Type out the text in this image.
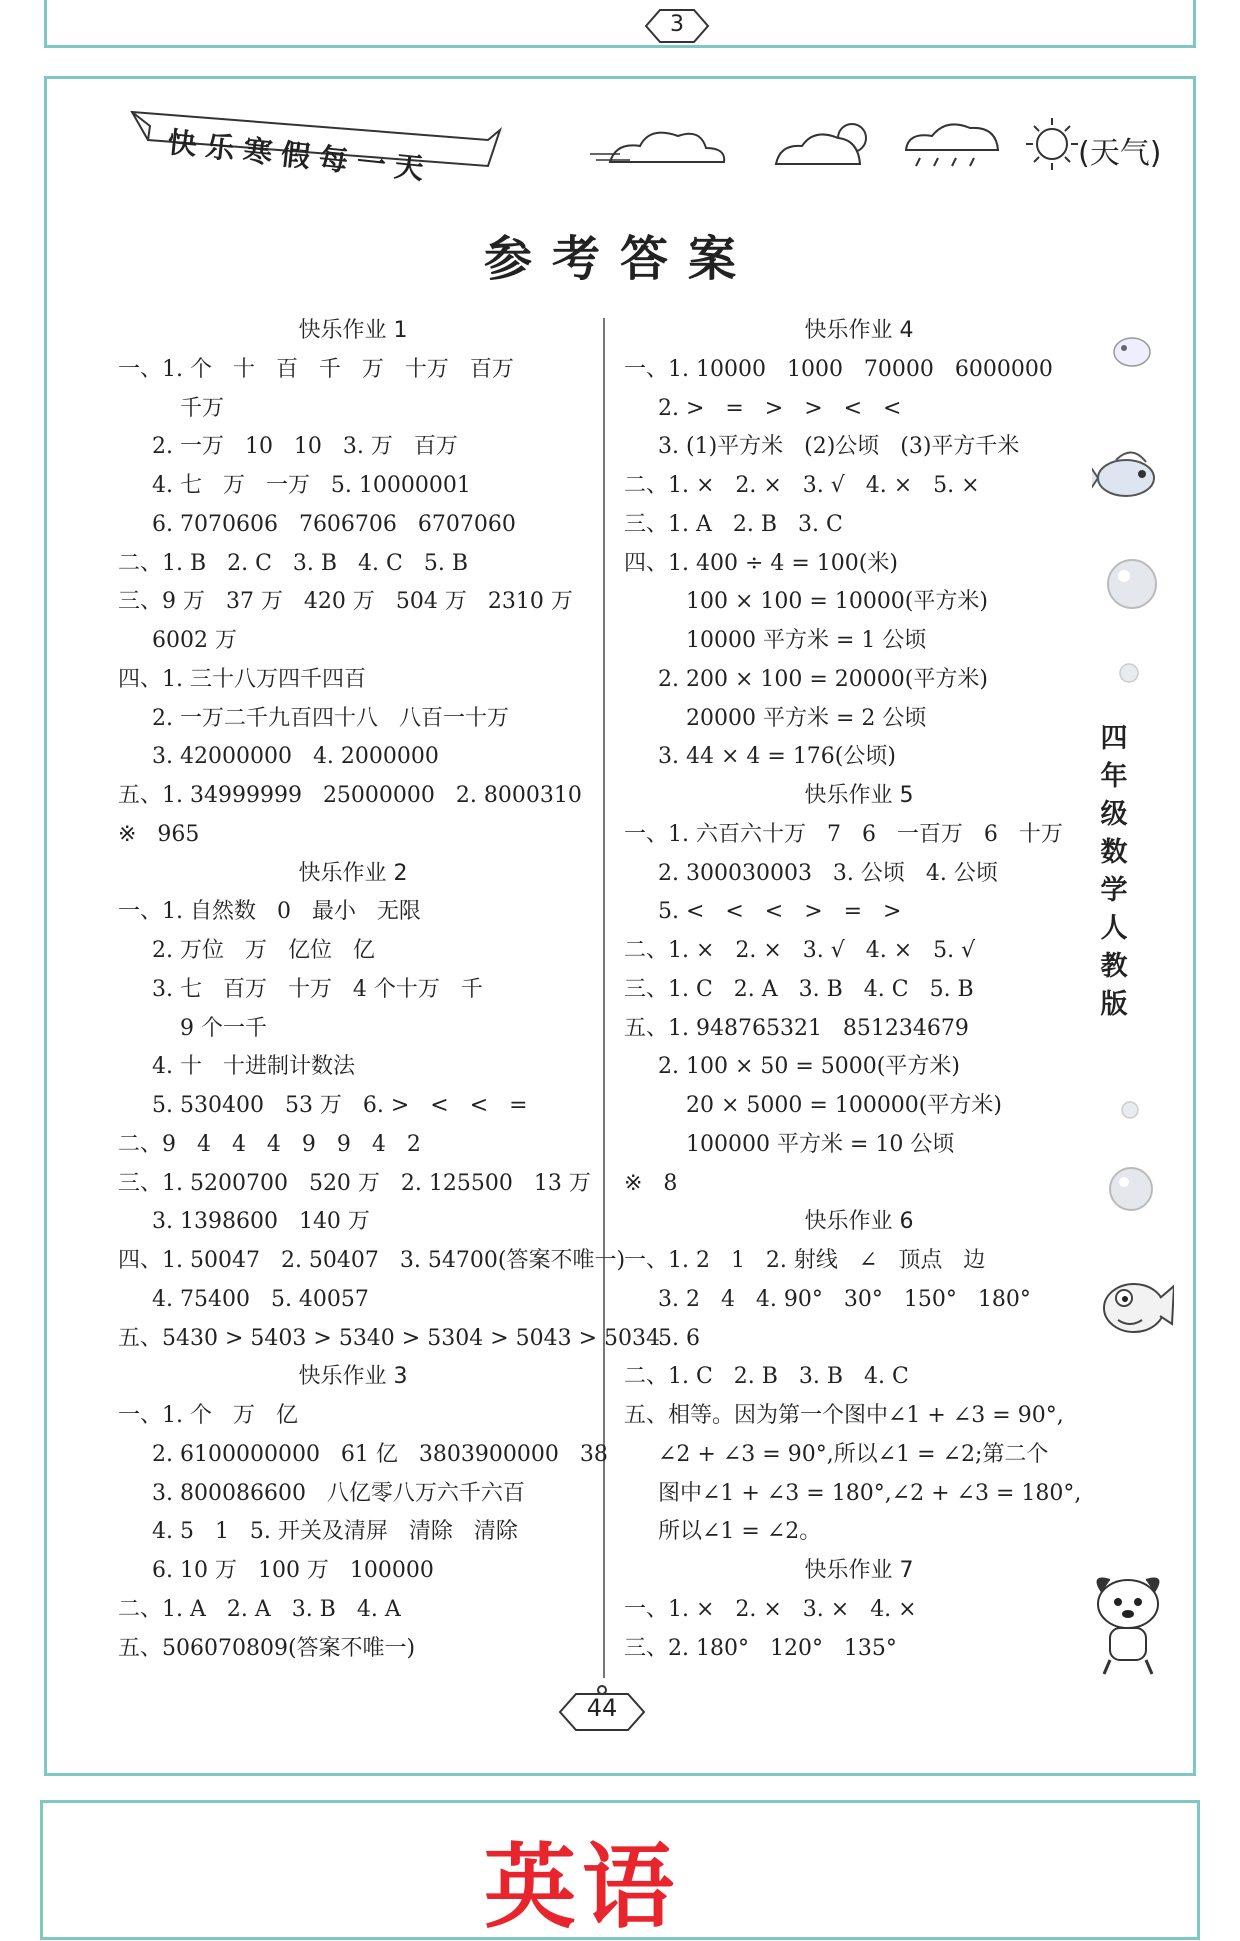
3
快乐寒假每一天	(天气)
参考答案
快乐作业 1
一、1. 个   十   百   千   万   十万   百万
千万
2. 一万   10   10   3. 万   百万
4. 七   万   一万   5. 10000001
6. 7070606   7606706   6707060
二、1. B   2. C   3. B   4. C   5. B
三、9 万   37 万   420 万   504 万   2310 万
6002 万
四、1. 三十八万四千四百
2. 一万二千九百四十八   八百一十万
3. 42000000   4. 2000000
五、1. 34999999   25000000   2. 8000310
※   965
快乐作业 2
一、1. 自然数   0   最小   无限
2. 万位   万   亿位   亿
3. 七   百万   十万   4 个十万   千
9 个一千
4. 十   十进制计数法
5. 530400   53 万   6. >   <   <   =
二、9   4   4   4   9   9   4   2
三、1. 5200700   520 万   2. 125500   13 万
3. 1398600   140 万
四、1. 50047   2. 50407   3. 54700(答案不唯一)
4. 75400   5. 40057
五、5430 > 5403 > 5340 > 5304 > 5043 > 5034
快乐作业 3
一、1. 个   万   亿
2. 6100000000   61 亿   3803900000   38
3. 800086600   八亿零八万六千六百
4. 5   1   5. 开关及清屏   清除   清除
6. 10 万   100 万   100000
二、1. A   2. A   3. B   4. A
五、506070809(答案不唯一)
快乐作业 4
一、1. 10000   1000   70000   6000000
2. >   =   >   >   <   <
3. (1)平方米   (2)公顷   (3)平方千米
二、1. ×   2. ×   3. √   4. ×   5. ×
三、1. A   2. B   3. C
四、1. 400 ÷ 4 = 100(米)
100 × 100 = 10000(平方米)
10000 平方米 = 1 公顷
2. 200 × 100 = 20000(平方米)
20000 平方米 = 2 公顷
3. 44 × 4 = 176(公顷)
快乐作业 5
一、1. 六百六十万   7   6   一百万   6   十万
2. 300030003   3. 公顷   4. 公顷
5. <   <   <   >   =   >
二、1. ×   2. ×   3. √   4. ×   5. √
三、1. C   2. A   3. B   4. C   5. B
五、1. 948765321   851234679
2. 100 × 50 = 5000(平方米)
20 × 5000 = 100000(平方米)
100000 平方米 = 10 公顷
※   8
快乐作业 6
一、1. 2   1   2. 射线   ∠   顶点   边
3. 2   4   4. 90°   30°   150°   180°
5. 6
二、1. C   2. B   3. B   4. C
五、相等。因为第一个图中∠1 + ∠3 = 90°,
∠2 + ∠3 = 90°,所以∠1 = ∠2;第二个
图中∠1 + ∠3 = 180°,∠2 + ∠3 = 180°,
所以∠1 = ∠2。
快乐作业 7
一、1. ×   2. ×   3. ×   4. ×
三、2. 180°   120°   135°
四年级数学
人教版
44
英语
